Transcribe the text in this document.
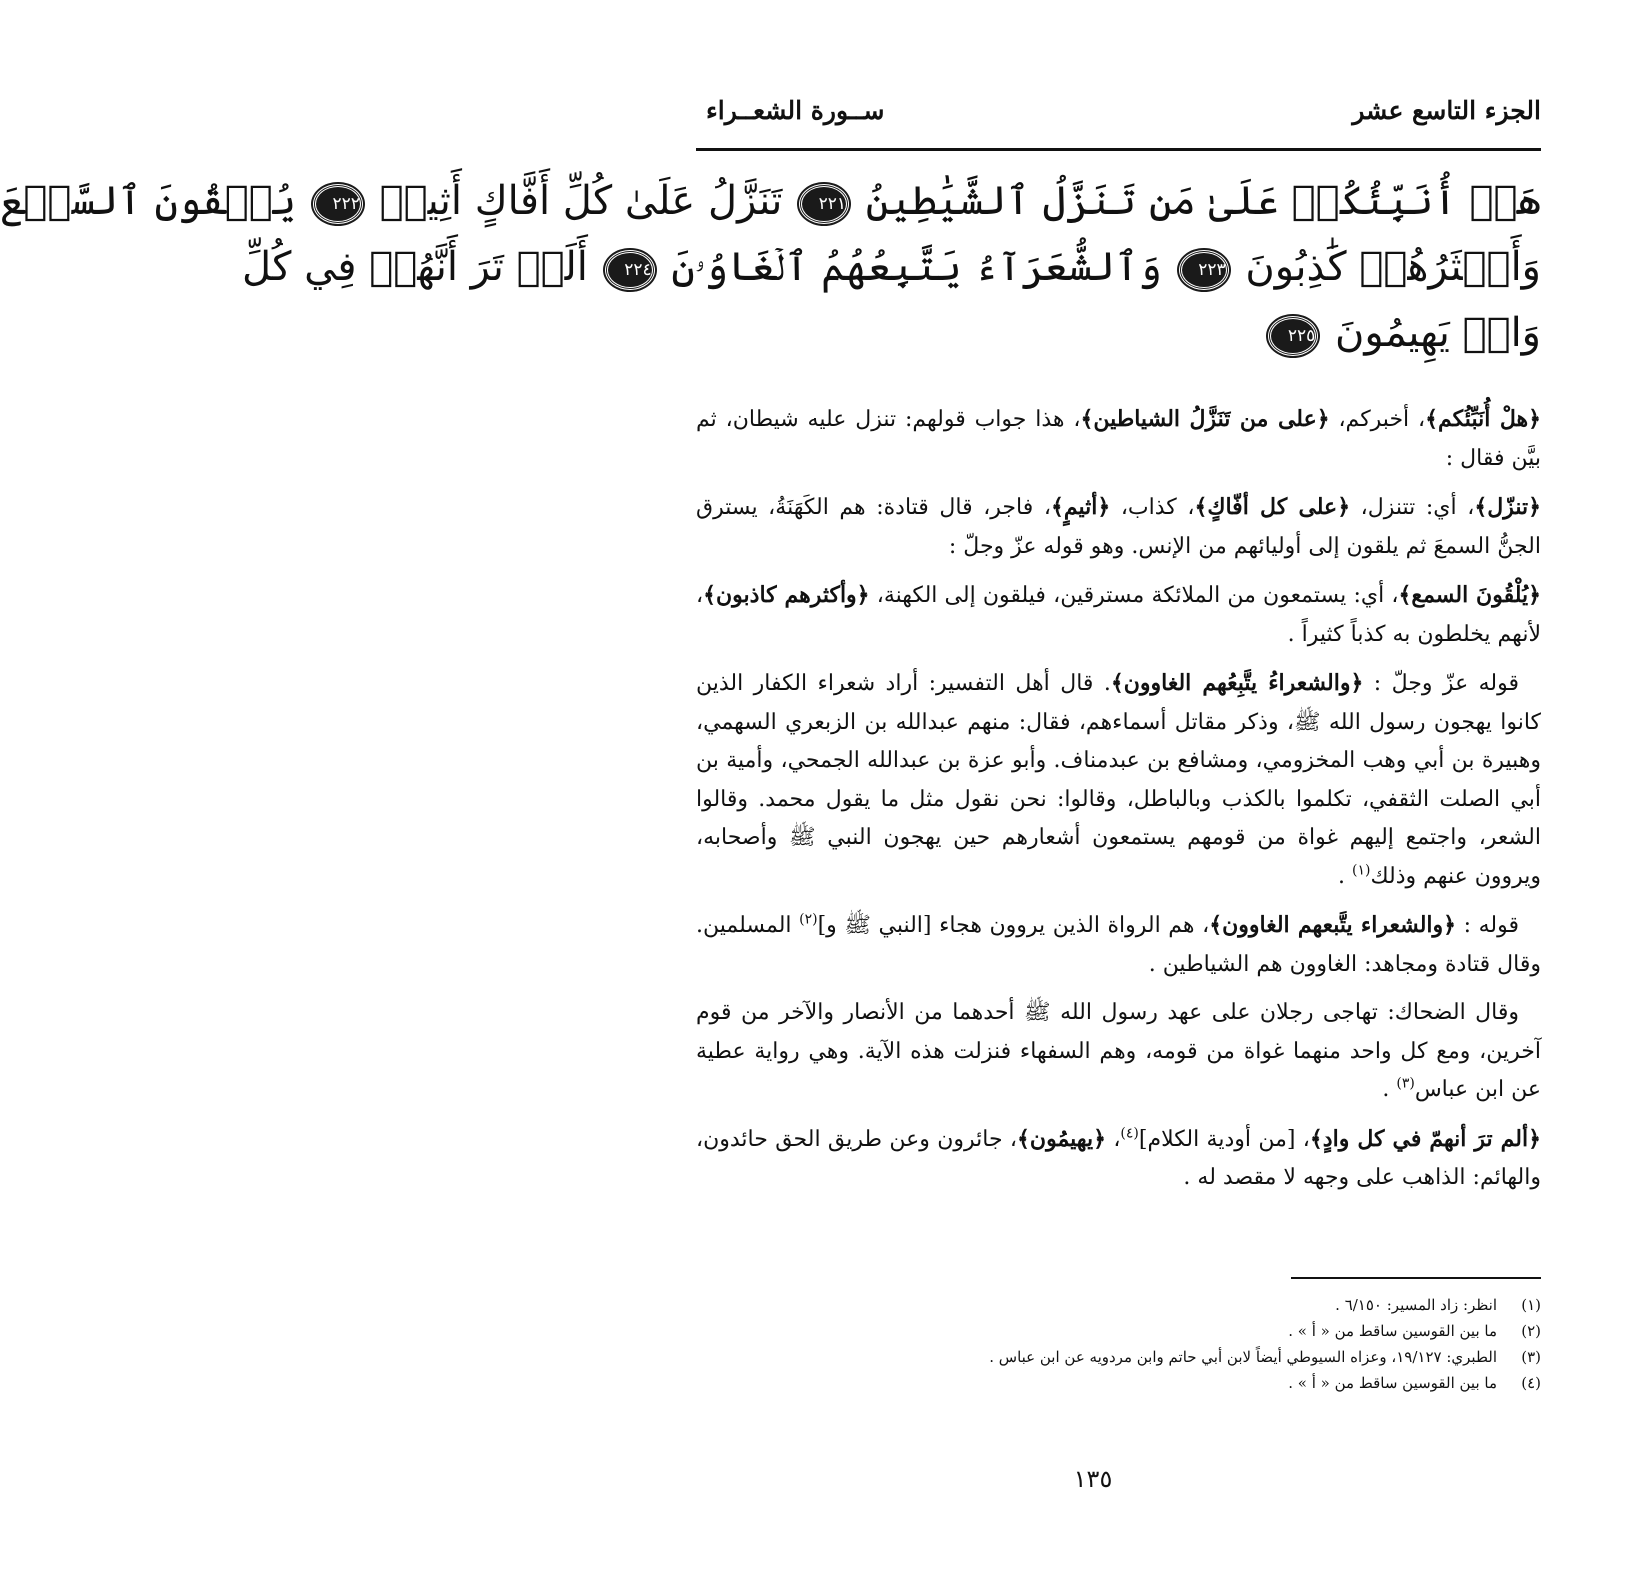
الجزء التاسع عشر
ســورة الشعــراء
هَلۡ أُنَبِّئُكُمۡ عَلَىٰ مَن تَنَزَّلُ ٱلشَّيَٰطِينُ ٢٢١ تَنَزَّلُ عَلَىٰ كُلِّ أَفَّاكٍ أَثِيمٖ ٢٢٢ يُلۡقُونَ ٱلسَّمۡعَ
وَأَكۡثَرُهُمۡ كَٰذِبُونَ ٢٢٣ وَٱلشُّعَرَآءُ يَتَّبِعُهُمُ ٱلۡغَاوُۥنَ ٢٢٤ أَلَمۡ تَرَ أَنَّهُمۡ فِي كُلِّ
وَادٖ يَهِيمُونَ ٢٢٥

﴿هلْ أُنَبِّئُكم﴾، أخبركم، ﴿على من تَنَزَّلُ الشياطين﴾، هذا جواب قولهم: تنزل عليه شيطان، ثم بيَّن فقال :

﴿تنزّل﴾، أي: تتنزل، ﴿على كل أفّاكٍ﴾، كذاب، ﴿أثيمٍ﴾، فاجر، قال قتادة: هم الكَهَنَةُ، يسترق الجنُّ السمعَ ثم يلقون إلى أوليائهم من الإنس. وهو قوله عزّ وجلّ :

﴿يُلْقُونَ السمع﴾، أي: يستمعون من الملائكة مسترقين، فيلقون إلى الكهنة، ﴿وأكثرهم كاذبون﴾، لأنهم يخلطون به كذباً كثيراً .

قوله عزّ وجلّ : ﴿والشعراءُ يتَّبِعُهم الغاوون﴾. قال أهل التفسير: أراد شعراء الكفار الذين كانوا يهجون رسول الله ﷺ، وذكر مقاتل أسماءهم، فقال: منهم عبدالله بن الزبعري السهمي، وهبيرة بن أبي وهب المخزومي، ومشافع بن عبدمناف. وأبو عزة بن عبدالله الجمحي، وأمية بن أبي الصلت الثقفي، تكلموا بالكذب وبالباطل، وقالوا: نحن نقول مثل ما يقول محمد. وقالوا الشعر، واجتمع إليهم غواة من قومهم يستمعون أشعارهم حين يهجون النبي ﷺ وأصحابه، ويروون عنهم وذلك$^{(١)}$ .

قوله : ﴿والشعراء يتَّبعهم الغاوون﴾، هم الرواة الذين يروون هجاء [النبي ﷺ و]$^{(٢)}$ المسلمين. وقال قتادة ومجاهد: الغاوون هم الشياطين .

وقال الضحاك: تهاجى رجلان على عهد رسول الله ﷺ أحدهما من الأنصار والآخر من قوم آخرين، ومع كل واحد منهما غواة من قومه، وهم السفهاء فنزلت هذه الآية. وهي رواية عطية عن ابن عباس$^{(٣)}$ .

﴿ألم ترَ أنهمّ في كل وادٍ﴾، [من أودية الكلام]$^{(٤)}$، ﴿يهيمُون﴾، جائرون وعن طريق الحق حائدون، والهائم: الذاهب على وجهه لا مقصد له .

(١)انظر: زاد المسير: ٦/١٥٠ .
(٢)ما بين القوسين ساقط من « أ » .
(٣)الطبري: ١٩/١٢٧، وعزاه السيوطي أيضاً لابن أبي حاتم وابن مردويه عن ابن عباس .
(٤)ما بين القوسين ساقط من « أ » .
١٣٥
